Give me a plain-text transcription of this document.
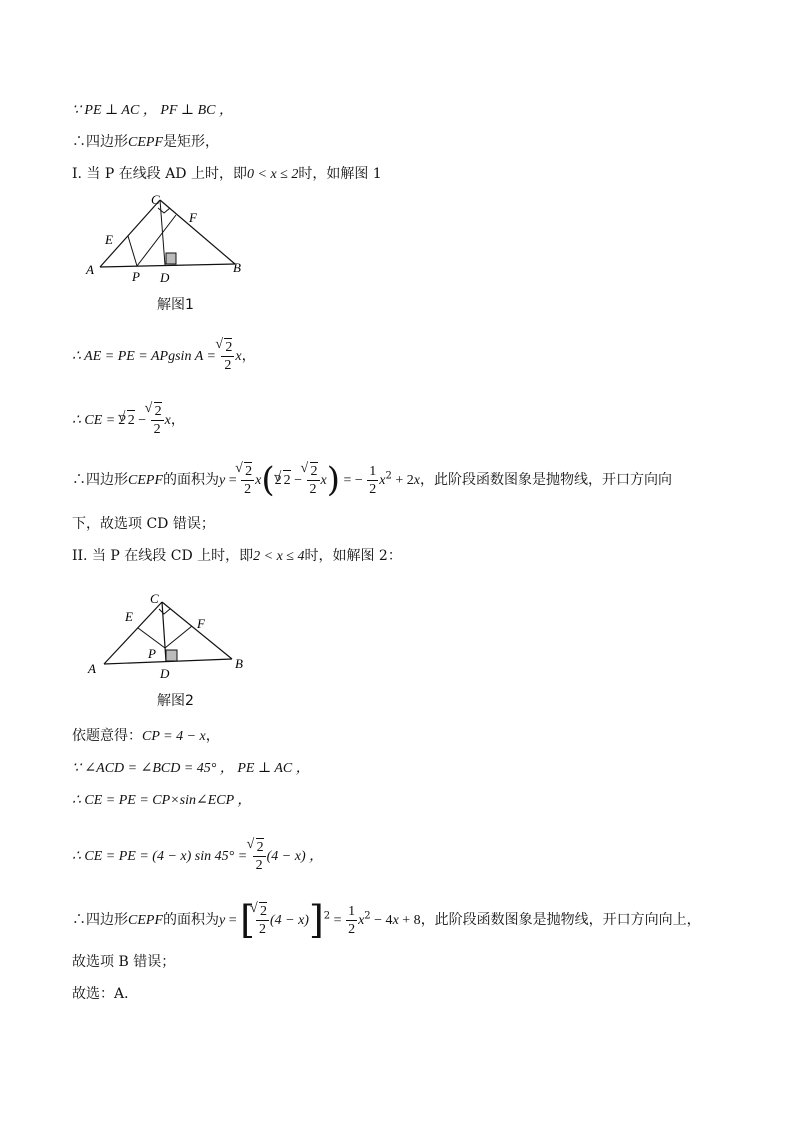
∵ PE ⊥ AC ， PF ⊥ BC ，
∴四边形CEPF是矩形，
I. 当 P 在线段 AD 上时，即0 < x ≤ 2时，如解图 1
C
F
E
A	P D
B
解图1
∴ AE = PE = APgsin A =
√ $\frac{2}{2}$ x，
∴ CE = 2√ 2 −
√ $\frac{2}{2}$ x，
∴四边形CEPF的面积为y =
√ $\frac{2}{2} x(2√$ 2 −
√ $\frac{2}{2} x$) = − $\frac{1}{2} x^2 + 2x$，此阶段函数图象是抛物线，开口方向向
下，故选项 CD 错误；
II. 当 P 在线段 CD 上时，即2 < x ≤ 4时，如解图 2：
C
F
E
A
P
D
B
解图2
依题意得：CP = 4 − x，
∵ ∠ACD = ∠BCD = 45° ， PE ⊥ AC ，
∴ CE = PE = CP×sin∠ECP ，
∴ CE = PE = (4 − x) sin 45° =
√ $\frac{2}{2} (4 - x)$ ，
∴四边形CEPF的面积为y = [
√ $\frac{2}{2} (4 - x)]^2 = \frac{1}{2} x^2 - 4x + 8$，此阶段函数图象是抛物线，开口方向向上，
故选项 B 错误；
故选：A．
